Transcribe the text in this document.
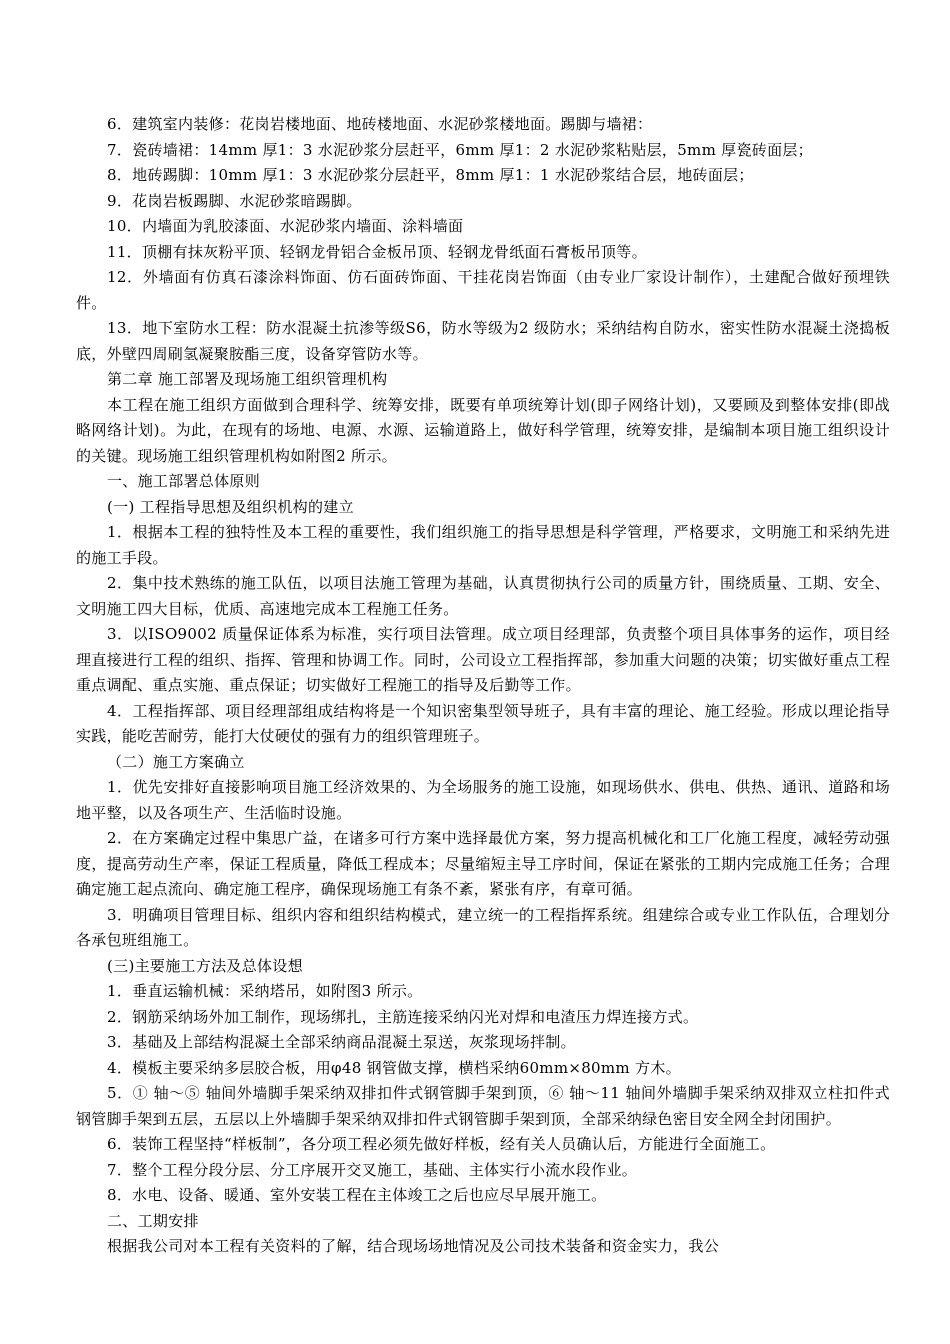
6．建筑室内装修：花岗岩楼地面、地砖楼地面、水泥砂浆楼地面。踢脚与墙裙：

7．瓷砖墙裙：14mm 厚1：3 水泥砂浆分层赶平，6mm 厚1：2 水泥砂浆粘贴层，5mm 厚瓷砖面层；

8．地砖踢脚：10mm 厚1：3 水泥砂浆分层赶平，8mm 厚1：1 水泥砂浆结合层，地砖面层；

9．花岗岩板踢脚、水泥砂浆暗踢脚。

10．内墙面为乳胶漆面、水泥砂浆内墙面、涂料墙面

11．顶棚有抹灰粉平顶、轻钢龙骨铝合金板吊顶、轻钢龙骨纸面石膏板吊顶等。

12．外墙面有仿真石漆涂料饰面、仿石面砖饰面、干挂花岗岩饰面（由专业厂家设计制作），土建配合做好预埋铁件。

13．地下室防水工程：防水混凝土抗渗等级S6，防水等级为2 级防水；采纳结构自防水，密实性防水混凝土浇捣板底，外壁四周刷氢凝聚胺酯三度，设备穿管防水等。

第二章 施工部署及现场施工组织管理机构

本工程在施工组织方面做到合理科学、统筹安排，既要有单项统筹计划(即子网络计划)，又要顾及到整体安排(即战略网络计划)。为此，在现有的场地、电源、水源、运输道路上，做好科学管理，统筹安排，是编制本项目施工组织设计的关键。现场施工组织管理机构如附图2 所示。

一、施工部署总体原则

(一) 工程指导思想及组织机构的建立

1．根据本工程的独特性及本工程的重要性，我们组织施工的指导思想是科学管理，严格要求，文明施工和采纳先进的施工手段。

2．集中技术熟练的施工队伍，以项目法施工管理为基础，认真贯彻执行公司的质量方针，围绕质量、工期、安全、文明施工四大目标，优质、高速地完成本工程施工任务。

3．以ISO9002 质量保证体系为标准，实行项目法管理。成立项目经理部，负责整个项目具体事务的运作，项目经理直接进行工程的组织、指挥、管理和协调工作。同时，公司设立工程指挥部，参加重大问题的决策；切实做好重点工程重点调配、重点实施、重点保证；切实做好工程施工的指导及后勤等工作。

4．工程指挥部、项目经理部组成结构将是一个知识密集型领导班子，具有丰富的理论、施工经验。形成以理论指导实践，能吃苦耐劳，能打大仗硬仗的强有力的组织管理班子。

（二）施工方案确立

1．优先安排好直接影响项目施工经济效果的、为全场服务的施工设施，如现场供水、供电、供热、通讯、道路和场地平整，以及各项生产、生活临时设施。

2．在方案确定过程中集思广益，在诸多可行方案中选择最优方案，努力提高机械化和工厂化施工程度，减轻劳动强度，提高劳动生产率，保证工程质量，降低工程成本；尽量缩短主导工序时间，保证在紧张的工期内完成施工任务；合理确定施工起点流向、确定施工程序，确保现场施工有条不紊，紧张有序，有章可循。

3．明确项目管理目标、组织内容和组织结构模式，建立统一的工程指挥系统。组建综合或专业工作队伍，合理划分各承包班组施工。

(三)主要施工方法及总体设想

1．垂直运输机械：采纳塔吊，如附图3 所示。

2．钢筋采纳场外加工制作，现场绑扎，主筋连接采纳闪光对焊和电渣压力焊连接方式。

3．基础及上部结构混凝土全部采纳商品混凝土泵送，灰浆现场拌制。

4．模板主要采纳多层胶合板，用φ48 钢管做支撑，横档采纳60mm×80mm 方木。

5．① 轴～⑤ 轴间外墙脚手架采纳双排扣件式钢管脚手架到顶，⑥ 轴～11 轴间外墙脚手架采纳双排双立柱扣件式钢管脚手架到五层，五层以上外墙脚手架采纳双排扣件式钢管脚手架到顶，全部采纳绿色密目安全网全封闭围护。

6．装饰工程坚持“样板制”，各分项工程必须先做好样板，经有关人员确认后，方能进行全面施工。

7．整个工程分段分层、分工序展开交叉施工，基础、主体实行小流水段作业。

8．水电、设备、暖通、室外安装工程在主体竣工之后也应尽早展开施工。

二、工期安排

根据我公司对本工程有关资料的了解，结合现场场地情况及公司技术装备和资金实力，我公
